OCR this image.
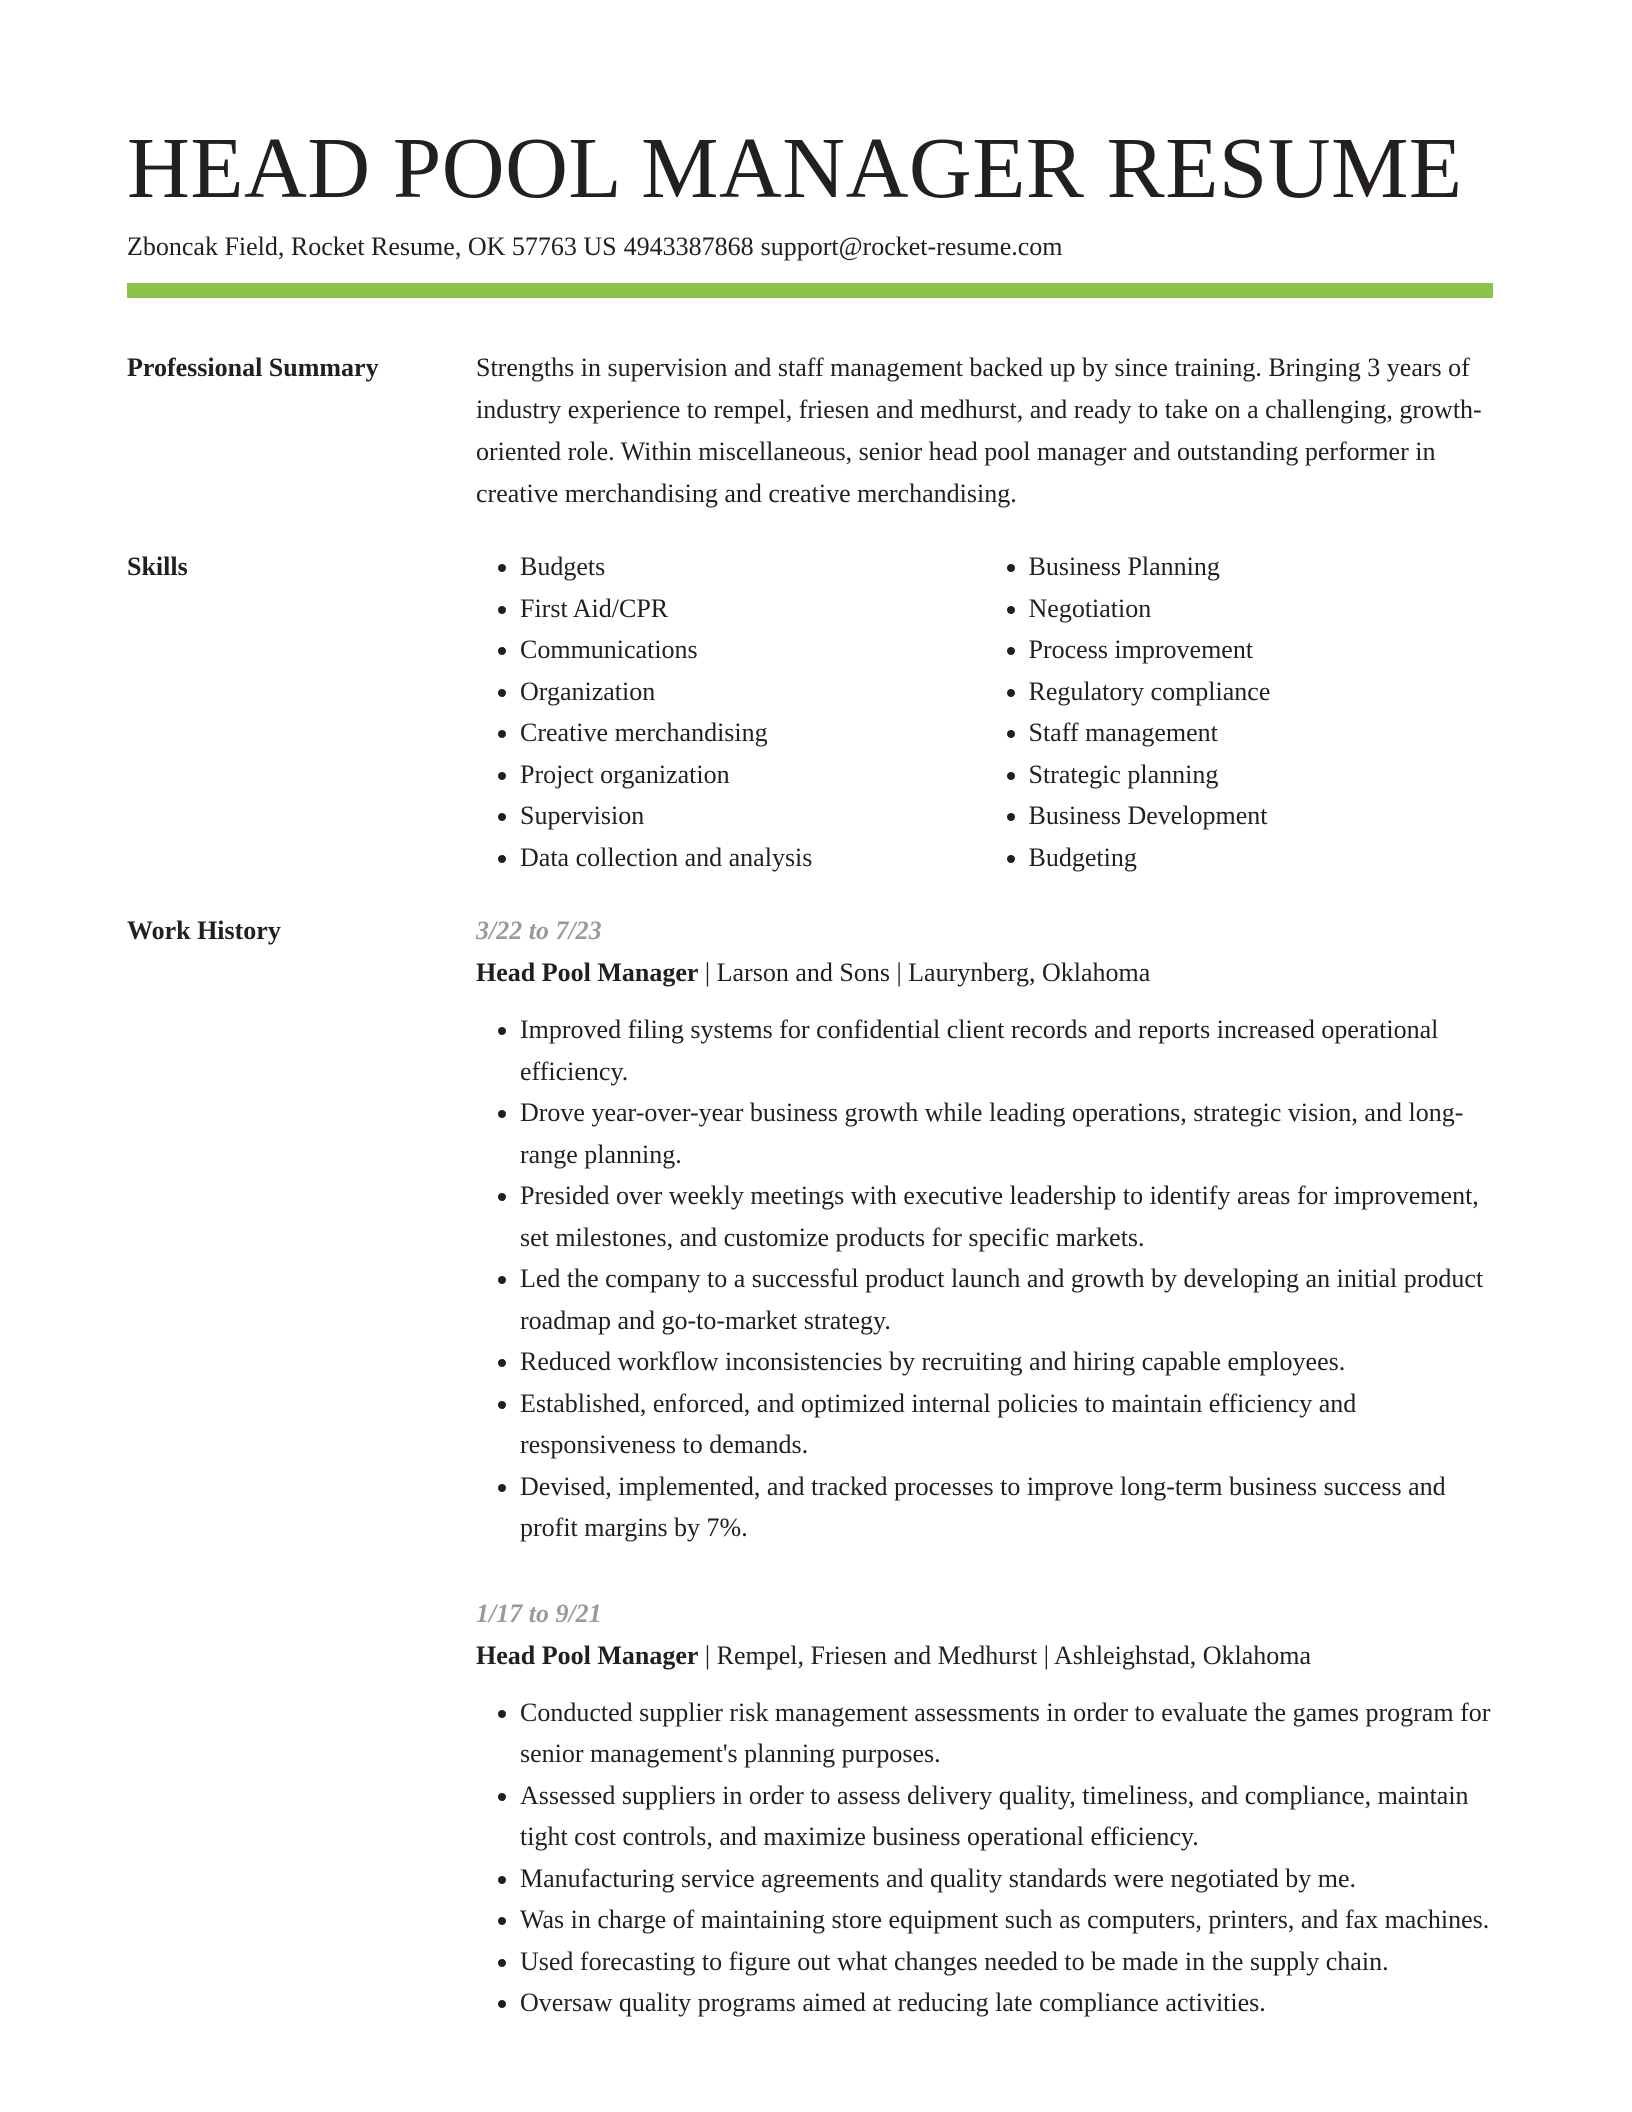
HEAD POOL MANAGER RESUME
Zboncak Field, Rocket Resume, OK 57763 US 4943387868 support@rocket-resume.com
Professional Summary	Strengths in supervision and staff management backed up by since training. Bringing 3 years of industry experience to rempel, friesen and medhurst, and ready to take on a challenging, growth-oriented role. Within miscellaneous, senior head pool manager and outstanding performer in creative merchandising and creative merchandising.

Skills
•	Budgets
• First Aid/CPR
• Communications
• Organization
• Creative merchandising
• Project organization
• Supervision
• Data collection and analysis
• Business Planning
• Negotiation
• Process improvement
• Regulatory compliance
• Staff management
• Strategic planning
• Business Development
• Budgeting
Work History	3/22 to 7/23
Head Pool Manager | Larson and Sons | Laurynberg, Oklahoma
• Improved filing systems for confidential client records and reports increased operational efficiency.
• Drove year-over-year business growth while leading operations, strategic vision, and long-range planning.
• Presided over weekly meetings with executive leadership to identify areas for improvement, set milestones, and customize products for specific markets.
• Led the company to a successful product launch and growth by developing an initial product roadmap and go-to-market strategy.
• Reduced workflow inconsistencies by recruiting and hiring capable employees.
• Established, enforced, and optimized internal policies to maintain efficiency and responsiveness to demands.
• Devised, implemented, and tracked processes to improve long-term business success and profit margins by 7%.
1/17 to 9/21
Head Pool Manager | Rempel, Friesen and Medhurst | Ashleighstad, Oklahoma
• Conducted supplier risk management assessments in order to evaluate the games program for senior management's planning purposes.
• Assessed suppliers in order to assess delivery quality, timeliness, and compliance, maintain tight cost controls, and maximize business operational efficiency.
• Manufacturing service agreements and quality standards were negotiated by me.
• Was in charge of maintaining store equipment such as computers, printers, and fax machines.
• Used forecasting to figure out what changes needed to be made in the supply chain.
• Oversaw quality programs aimed at reducing late compliance activities.
